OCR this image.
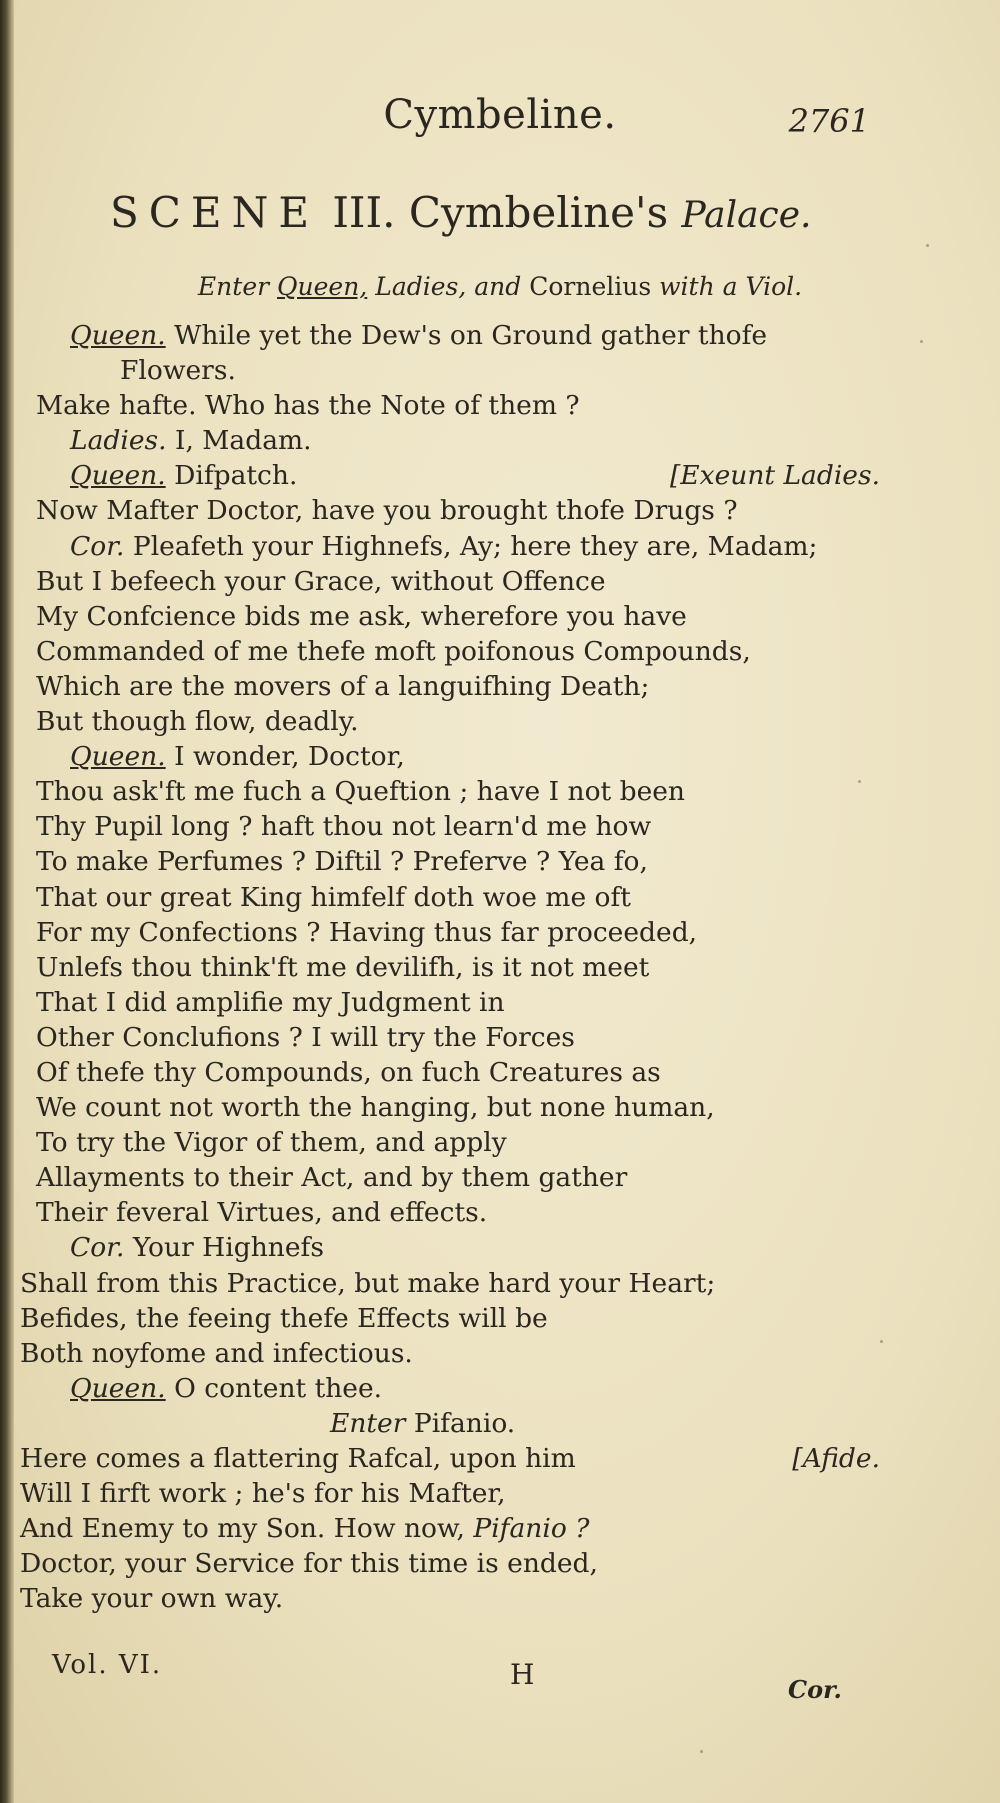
Cymbeline.	2761
SCENE III. Cymbeline's Palace.
Enter Queen, Ladies, and Cornelius with a Viol.
Queen. While yet the Dew's on Ground gather thofe
Flowers.
Make hafte. Who has the Note of them ?
Ladies. I, Madam.
Queen. Difpatch.	[Exeunt Ladies.
Now Mafter Doctor, have you brought thofe Drugs ?
Cor. Pleafeth your Highnefs, Ay; here they are, Madam;
But I befeech your Grace, without Offence
My Confcience bids me ask, wherefore you have
Commanded of me thefe moft poifonous Compounds,
Which are the movers of a languifhing Death;
But though flow, deadly.
Queen. I wonder, Doctor,
Thou ask'ft me fuch a Queftion ; have I not been
Thy Pupil long ? haft thou not learn'd me how
To make Perfumes ? Diftil ? Preferve ? Yea fo,
That our great King himfelf doth woe me oft
For my Confections ? Having thus far proceeded,
Unlefs thou think'ft me devilifh, is it not meet
That I did amplifie my Judgment in
Other Conclufions ? I will try the Forces
Of thefe thy Compounds, on fuch Creatures as
We count not worth the hanging, but none human,
To try the Vigor of them, and apply
Allayments to their Act, and by them gather
Their feveral Virtues, and effects.
Cor. Your Highnefs
Shall from this Practice, but make hard your Heart;
Befides, the feeing thefe Effects will be
Both noyfome and infectious.
Queen. O content thee.
Enter Pifanio.
Here comes a flattering Rafcal, upon him	[Afide.
Will I firft work ; he's for his Mafter,
And Enemy to my Son. How now, Pifanio ?
Doctor, your Service for this time is ended,
Take your own way.
Vol. VI.	H	Cor.
